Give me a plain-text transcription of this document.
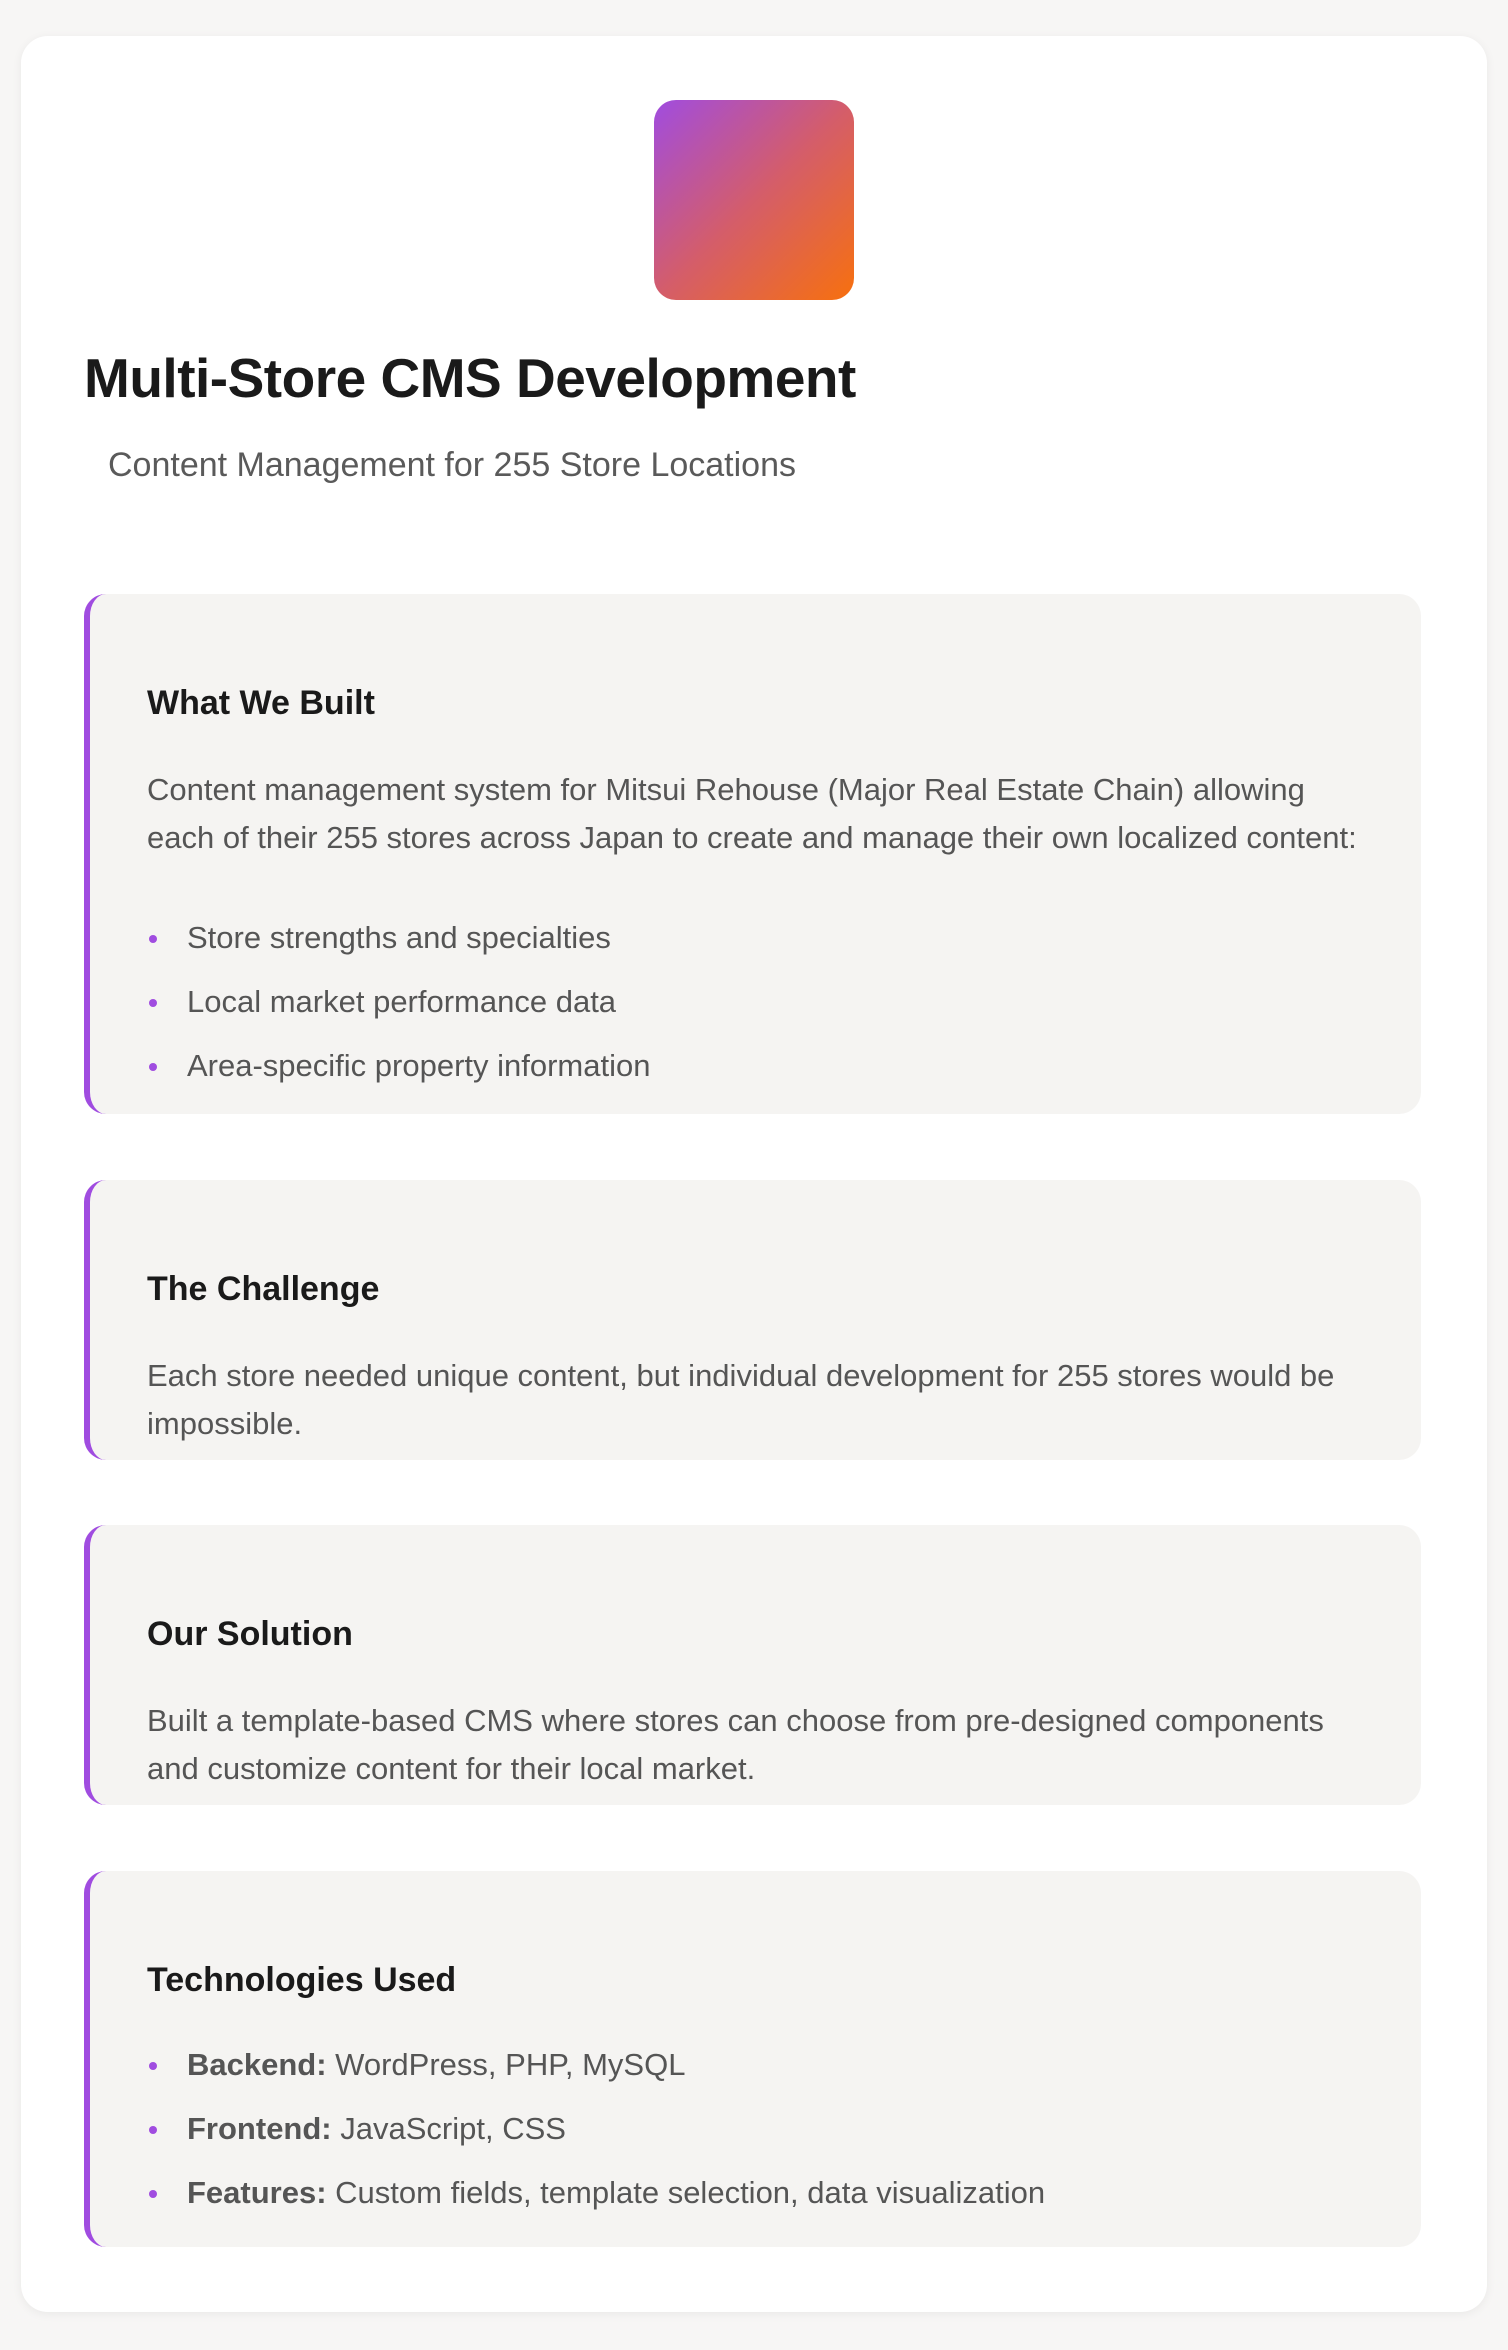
Multi-Store CMS Development
Content Management for 255 Store Locations
What We Built

Content management system for Mitsui Rehouse (Major Real Estate Chain) allowing each of their 255 stores across Japan to create and manage their own localized content:

Store strengths and specialties
Local market performance data
Area-specific property information
The Challenge

Each store needed unique content, but individual development for 255 stores would be impossible.

Our Solution

Built a template-based CMS where stores can choose from pre-designed components and customize content for their local market.

Technologies Used
Backend: WordPress, PHP, MySQL
Frontend: JavaScript, CSS
Features: Custom fields, template selection, data visualization
